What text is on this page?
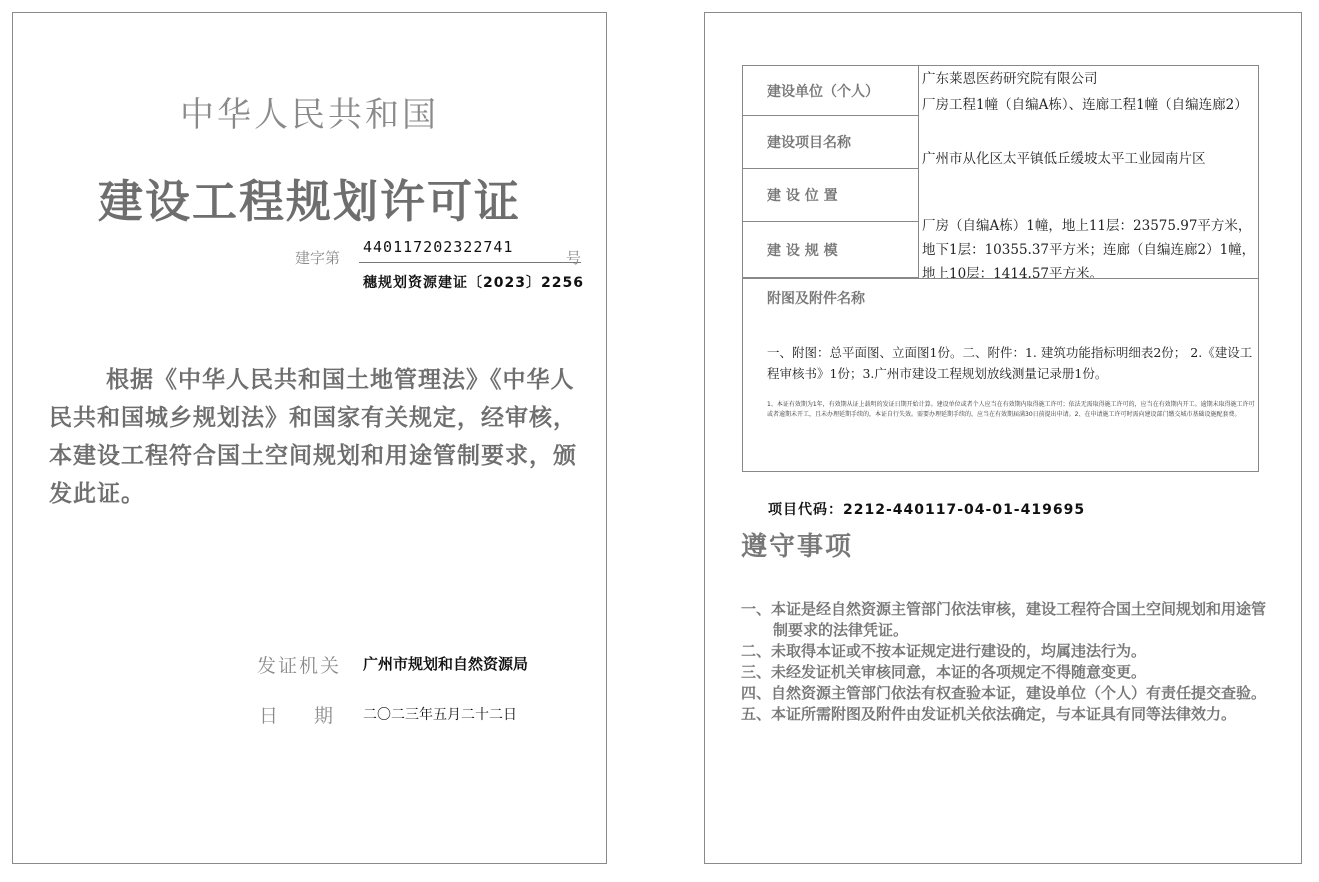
中华人民共和国
建设工程规划许可证
建字第
440117202322741
号
穗规划资源建证〔2023〕2256
根据《中华人民共和国土地管理法》《中华人民共和国城乡规划法》和国家有关规定，经审核，本建设工程符合国土空间规划和用途管制要求，颁发此证。
发证机关 广州市规划和自然资源局
日期
二〇二三年五月二十二日
建设单位（个人）
建设项目名称
建 设 位 置
建 设 规 模
广东莱恩医药研究院有限公司
厂房工程1幢（自编A栋）、连廊工程1幢（自编连廊2）
广州市从化区太平镇低丘缓坡太平工业园南片区
厂房（自编A栋）1幢，地上11层：23575.97平方米，地下1层：10355.37平方米；连廊（自编连廊2）1幢，地上10层：1414.57平方米。
附图及附件名称
一、附图：总平面图、立面图1份。二、附件：1. 建筑功能指标明细表2份； 2.《建设工程审核书》1份；3.广州市建设工程规划放线测量记录册1份。
1、本证有效期为1年，有效期从证上载明的发证日期开始计算。建设单位或者个人应当在有效期内取得施工许可；依法无需取得施工许可的，应当在有效期内开工。逾期未取得施工许可或者逾期未开工，且未办理延期手续的，本证自行失效。需要办理延期手续的，应当在有效期届满30日前提出申请。2、在申请施工许可时需向建设部门缴交城市基础设施配套费。
项目代码：2212-440117-04-01-419695
遵守事项

一、本证是经自然资源主管部门依法审核，建设工程符合国土空间规划和用途管制要求的法律凭证。

二、未取得本证或不按本证规定进行建设的，均属违法行为。

三、未经发证机关审核同意，本证的各项规定不得随意变更。

四、自然资源主管部门依法有权查验本证，建设单位（个人）有责任提交查验。

五、本证所需附图及附件由发证机关依法确定，与本证具有同等法律效力。
